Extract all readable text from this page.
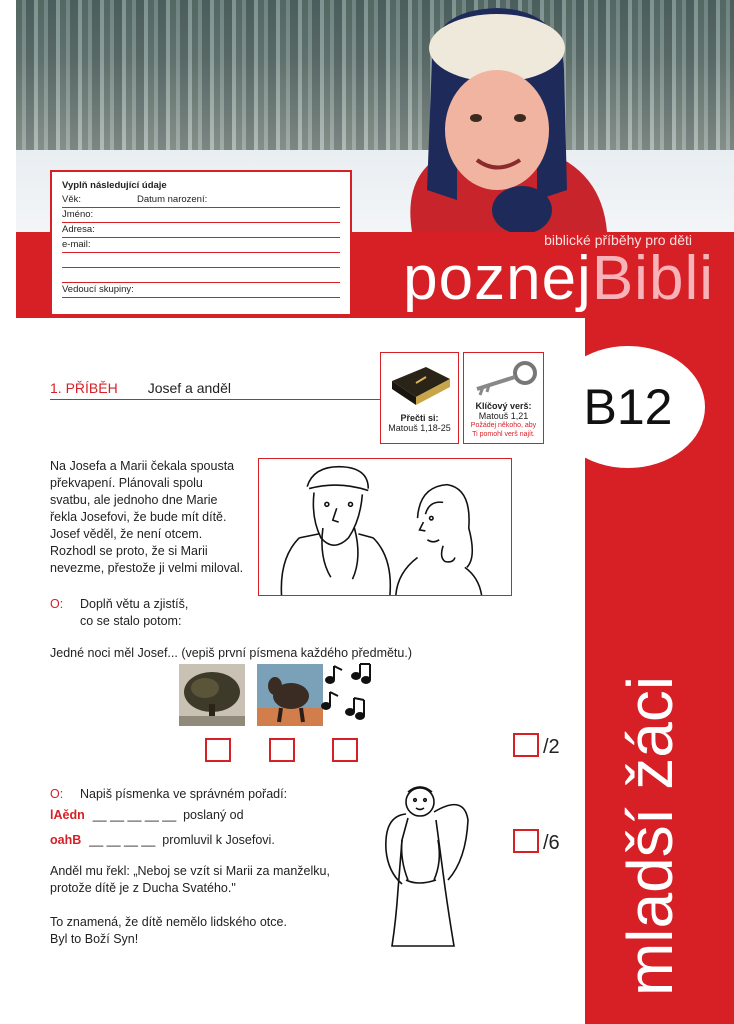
biblické příběhy pro děti
poznejBibli
Vyplň následující údaje
Věk:	Datum narození:
Jméno:
Adresa:
e-mail:
Vedoucí skupiny:
mladší žáci
B12
Přečti si:
Matouš 1,18-25
Klíčový verš:
Matouš 1,21
Požádej někoho, aby
Ti pomohl verš najít.
1. PŘÍBĚH Josef a anděl
Na Josefa a Marii čekala spousta
překvapení. Plánovali spolu
svatbu, ale jednoho dne Marie
řekla Josefovi, že bude mít dítě.
Josef věděl, že není otcem.
Rozhodl se proto, že si Marii
nevezme, přestože ji velmi miloval.
O: Doplň větu a zjistíš,
co se stalo potom:
Jedné noci měl Josef... (vepiš první písmena každého předmětu.)
/2
O: Napiš písmenka ve správném pořadí:
lAědn __ __ __ __ __ poslaný od
oahB __ __ __ __ promluvil k Josefovi.	/6
Anděl mu řekl: „Neboj se vzít si Marii za manželku,
protože dítě je z Ducha Svatého."
To znamená, že dítě nemělo lidského otce.
Byl to Boží Syn!
